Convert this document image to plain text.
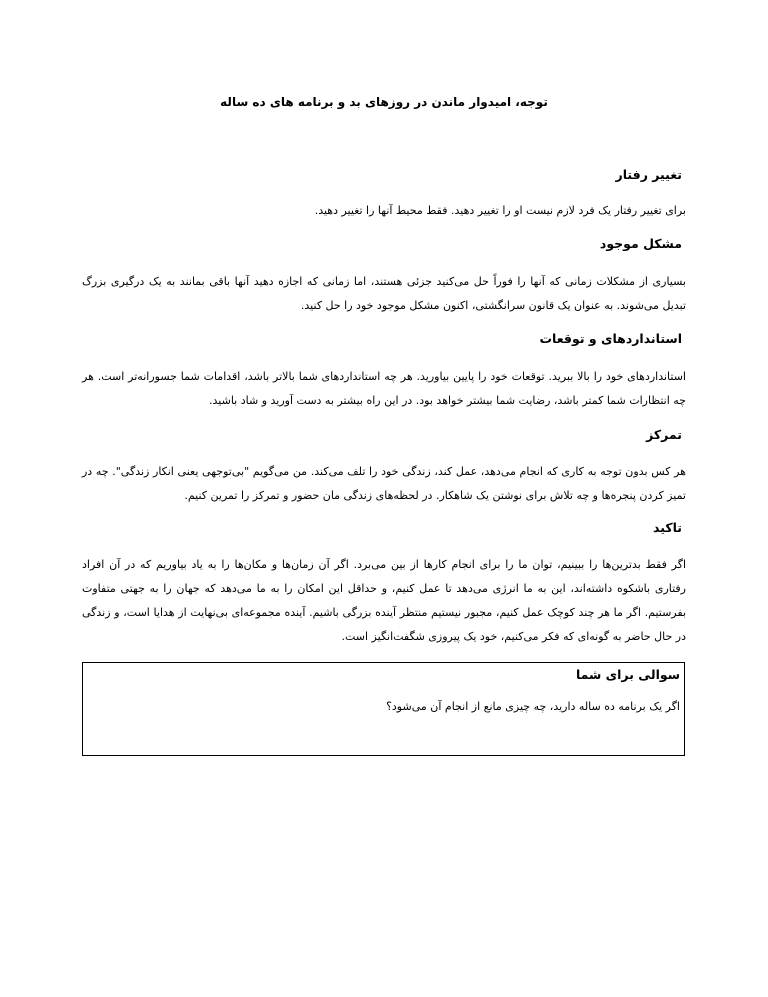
توجه، امیدوار ماندن در روزهای بد و برنامه های ده ساله
تغییر رفتار
برای تغییر رفتار یک فرد لازم نیست او را تغییر دهید. فقط محیط آنها را تغییر دهید.
مشکل موجود
بسیاری از مشکلات زمانی که آنها را فوراً حل می‌کنید جزئی هستند، اما زمانی که اجازه دهید آنها باقی بمانند به یک درگیری بزرگ تبدیل می‌شوند. به عنوان یک قانون سرانگشتی، اکنون مشکل موجود خود را حل کنید.
استانداردهای و توقعات
استانداردهای خود را بالا ببرید. توقعات خود را پایین بیاورید. هر چه استانداردهای شما بالاتر باشد، اقدامات شما جسورانه‌تر است. هر چه انتظارات شما کمتر باشد، رضایت شما بیشتر خواهد بود. در این راه بیشتر به دست آورید و شاد باشید.
تمرکز
هر کس بدون توجه به کاری که انجام می‌دهد، عمل کند، زندگی خود را تلف می‌کند. من می‌گویم "بی‌توجهی یعنی انکار زندگی". چه در تمیز کردن پنجره‌ها و چه تلاش برای نوشتن یک شاهکار. در لحظه‌های زندگی مان حضور و تمرکز را تمرین کنیم.
تاکید
اگر فقط بدترین‌ها را ببینیم، توان ما را برای انجام کارها از بین می‌برد. اگر آن زمان‌ها و مکان‌ها را به یاد بیاوریم که در آن افراد رفتاری باشکوه داشته‌اند، این به ما انرژی می‌دهد تا عمل کنیم، و حداقل این امکان را به ما می‌دهد که جهان را به جهتی متفاوت بفرستیم. اگر ما هر چند کوچک عمل کنیم، مجبور نیستیم منتظر آینده بزرگی باشیم. آینده مجموعه‌ای بی‌نهایت از هدایا است، و زندگی در حال حاضر به گونه‌ای که فکر می‌کنیم، خود یک پیروزی شگفت‌انگیز است.
سوالی برای شما
اگر یک برنامه ده ساله دارید، چه چیزی مانع از انجام آن می‌شود؟
